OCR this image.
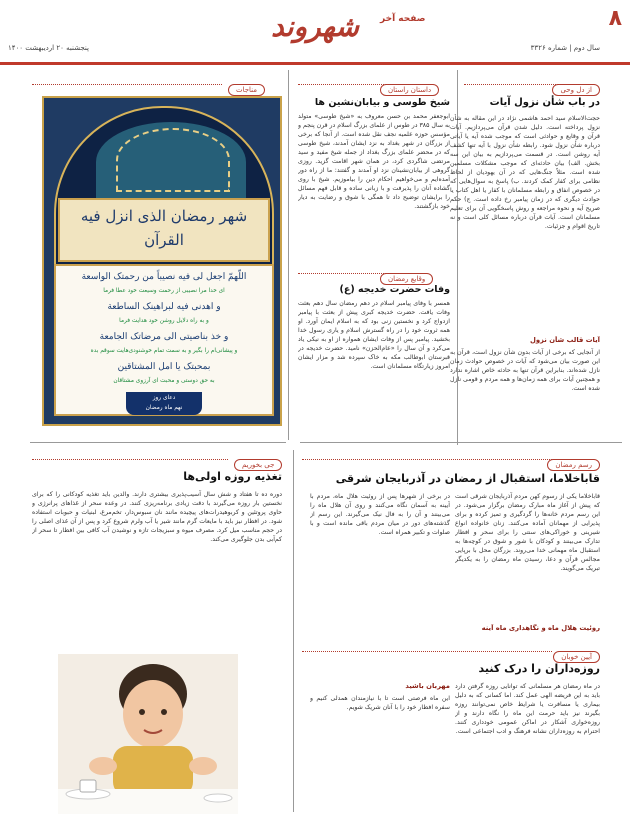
۸
شهروند صفحه آخر
سال دوم | شماره ۳۳۲۶
پنجشنبه ۲۰ اردیبهشت ۱۴۰۰
از دل وحی
در باب شأن نزول آیات
حجت‌الاسلام سید احمد هاشمی نژاد در این مقاله به شأن نزول پرداخته است. دلیل شدن قرآن می‌پردازیم. آیات قرآن و وقایع و حوادثی است که موجب شده آیه یا آیاتی درباره شأن نزول شود. رابطه شأن نزول با آیه تنها کشف آیه روشن است. در قسمت می‌پردازیم به بیان این سه بخش. الف) بیان حادثه‌ای که موجب مشکلات مسلمین شده است. مثلاً جنگ‌هایی که در آن یهودیان از لحاظ نظامی برای کفار کمک کردند. ب) پاسخ به سوال‌هایی که در خصوص انفاق و رابطه مسلمانان با کفار یا اهل کتاب یا حوادث دیگری که در زمان پیامبر رخ داده است. ج) حکم صریح آیه و نحوه مراجعه و روش پاسخگویی آن برای تعلیم مسلمانان است. آیات قرآن درباره مسائل کلی است و نه تاریخ اقوام و جزئیات.
آیات قالب شأن نزول
از آنجایی که برخی از آیات بدون شأن نزول است، قرآن به این صورت بیان می‌شود که آیات در خصوص حوادث زمان نازل شده‌اند. بنابراین قرآن تنها به حادثه خاص اشاره ندارد و همچنین آیات برای همه زمان‌ها و همه مردم و قومی نازل شده است.
داستان راستان
شیخ طوسی و بیابان‌نشین ها
ابوجعفر محمد بن حسن معروف به «شیخ طوسی» متولد به سال ۳۸۵ در طوس از علمای بزرگ اسلام در قرن پنجم و مؤسس حوزه علمیه نجف نقل شده است. از آنجا که برخی از بزرگان در شهر بغداد به نزد ایشان آمدند، شیخ طوسی که در محضر علمای بزرگ بغداد از جمله شیخ مفید و سید مرتضی شاگردی کرد، در همان شهر اقامت گزید. روزی گروهی از بیابان‌نشینان نزد او آمدند و گفتند: ما از راه دور آمده‌ایم و می‌خواهیم احکام دین را بیاموزیم. شیخ با روی گشاده آنان را پذیرفت و با زبانی ساده و قابل فهم مسائل را برایشان توضیح داد تا همگی با شوق و رضایت به دیار خود بازگشتند.
وقایع رمضان
وفات حضرت خدیجه (ع)
همسر با وفای پیامبر اسلام در دهم رمضان سال دهم بعثت وفات یافت. حضرت خدیجه کبری پیش از بعثت با پیامبر ازدواج کرد و نخستین زنی بود که به اسلام ایمان آورد. او همه ثروت خود را در راه گسترش اسلام و یاری رسول خدا بخشید. پیامبر پس از وفات ایشان همواره از او به نیکی یاد می‌کرد و آن سال را «عام‌الحزن» نامید. حضرت خدیجه در قبرستان ابوطالب مکه به خاک سپرده شد و مزار ایشان امروز زیارتگاه مسلمانان است.
مناجات
شهر رمضان الذی انزل فیه القرآن
اللّهمّ اجعل لی فیه نصیباً من رحمتک الواسعة
ای خدا مرا نصیبی از رحمت وسیعت خود عطا فرما
و اهدنی فیه لبراهینک الساطعة
و به راه دلایل روشن خود هدایت فرما
و خذ بناصیتی الی مرضاتک الجامعة
و پیشانی‌ام را بگیر و به سمت تمام خوشنودی‌هایت سوقم بده
بمحبتک یا امل المشتاقین
به حق دوستی و محبت ای آرزوی مشتاقان
دعای روز
نهم ماه رمضان
رسم رمضان
قاباخلاما، استقبال از رمضان در آذربایجان شرقی
قاباخلاما یکی از رسوم کهن مردم آذربایجان شرقی است که پیش از آغاز ماه مبارک رمضان برگزار می‌شود. در این رسم مردم خانه‌ها را گردگیری و تمیز کرده و برای پذیرایی از مهمانان آماده می‌کنند. زنان خانواده انواع شیرینی و خوراکی‌های سنتی را برای سحر و افطار تدارک می‌بینند و کودکان با شور و شوق در کوچه‌ها به استقبال ماه مهمانی خدا می‌روند. بزرگان محل با برپایی مجالس قرآن و دعا، رسیدن ماه رمضان را به یکدیگر تبریک می‌گویند.
روئیت هلال ماه و نگاهداری ماه آینه
در برخی از شهرها پس از روئیت هلال ماه، مردم با آیینه به آسمان نگاه می‌کنند و روی آن هلال ماه را می‌بینند و آن را به فال نیک می‌گیرند. این رسم از گذشته‌های دور در میان مردم باقی مانده است و با صلوات و تکبیر همراه است.
جی بخوریم
تغذیه روزه اولی‌ها
دوره ده تا هفتاد و شش سال آسیب‌پذیری بیشتری دارند. والدین باید تغذیه کودکانی را که برای نخستین بار روزه می‌گیرند با دقت زیادی برنامه‌ریزی کنند. در وعده سحر از غذاهای پرانرژی و حاوی پروتئین و کربوهیدرات‌های پیچیده مانند نان سبوس‌دار، تخم‌مرغ، لبنیات و حبوبات استفاده شود. در افطار نیز باید با مایعات گرم مانند شیر یا آب ولرم شروع کرد و پس از آن غذای اصلی را در حجم مناسب میل کرد. مصرف میوه و سبزیجات تازه و نوشیدن آب کافی بین افطار تا سحر از کم‌آبی بدن جلوگیری می‌کند.
آیین خوبان
روزه‌داران را درک کنید
در ماه رمضان هر مسلمانی که توانایی روزه گرفتن دارد باید به این فریضه الهی عمل کند. اما کسانی که به دلیل بیماری یا مسافرت یا شرایط خاص نمی‌توانند روزه بگیرند نیز باید حرمت این ماه را نگاه دارند و از روزه‌خواری آشکار در اماکن عمومی خودداری کنند. احترام به روزه‌داران نشانه فرهنگ و ادب اجتماعی است.
مهربان باشید
این ماه فرصتی است تا با نیازمندان همدلی کنیم و سفره افطار خود را با آنان شریک شویم.
